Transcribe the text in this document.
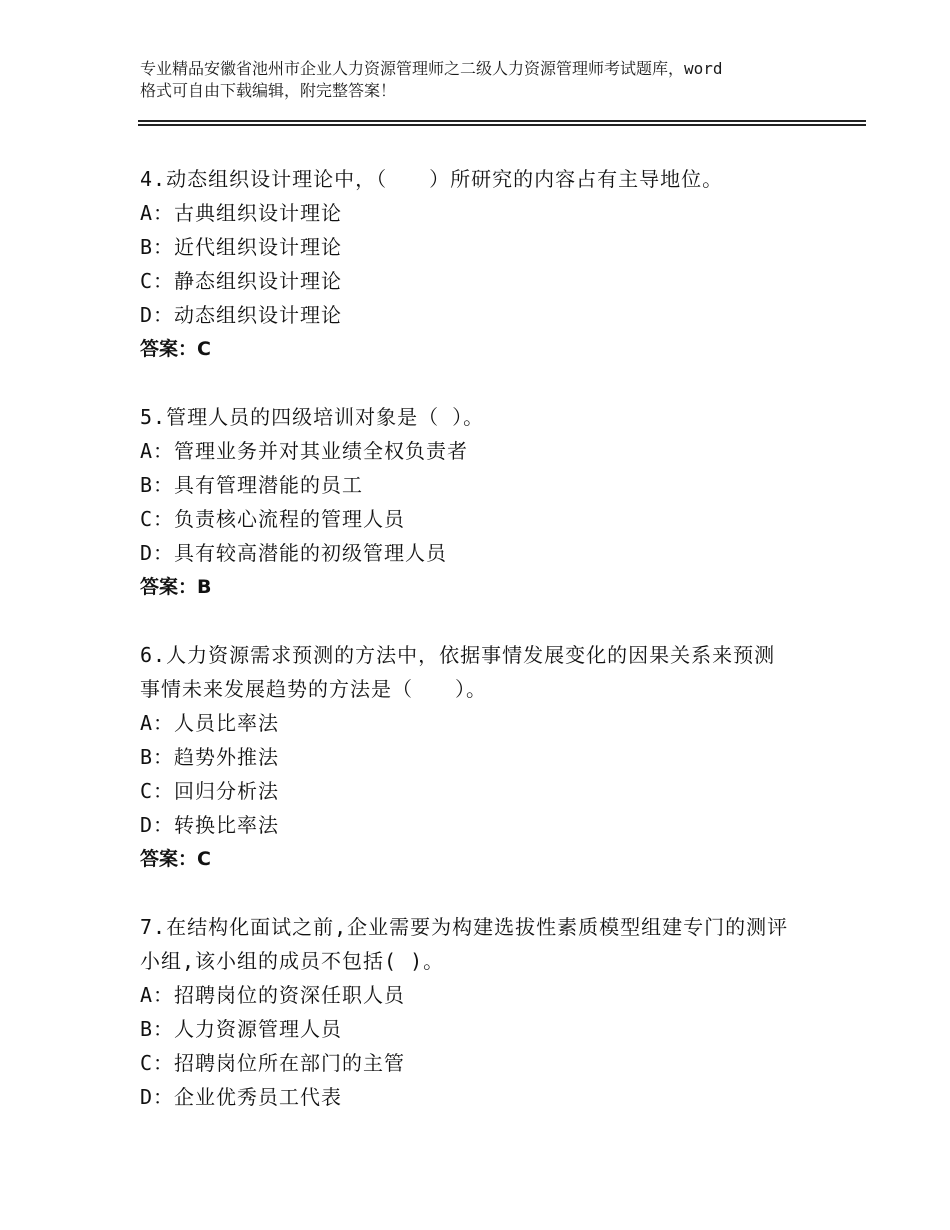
专业精品安徽省池州市企业人力资源管理师之二级人力资源管理师考试题库，word
格式可自由下载编辑，附完整答案！
4.动态组织设计理论中，（　　）所研究的内容占有主导地位。
A：古典组织设计理论
B：近代组织设计理论
C：静态组织设计理论
D：动态组织设计理论
答案：C
5.管理人员的四级培训对象是（ ）。
A：管理业务并对其业绩全权负责者
B：具有管理潜能的员工
C：负责核心流程的管理人员
D：具有较高潜能的初级管理人员
答案：B
6.人力资源需求预测的方法中，依据事情发展变化的因果关系来预测
事情未来发展趋势的方法是（　　）。
A：人员比率法
B：趋势外推法
C：回归分析法
D：转换比率法
答案：C
7.在结构化面试之前,企业需要为构建选拔性素质模型组建专门的测评
小组,该小组的成员不包括( )。
A：招聘岗位的资深任职人员
B：人力资源管理人员
C：招聘岗位所在部门的主管
D：企业优秀员工代表
